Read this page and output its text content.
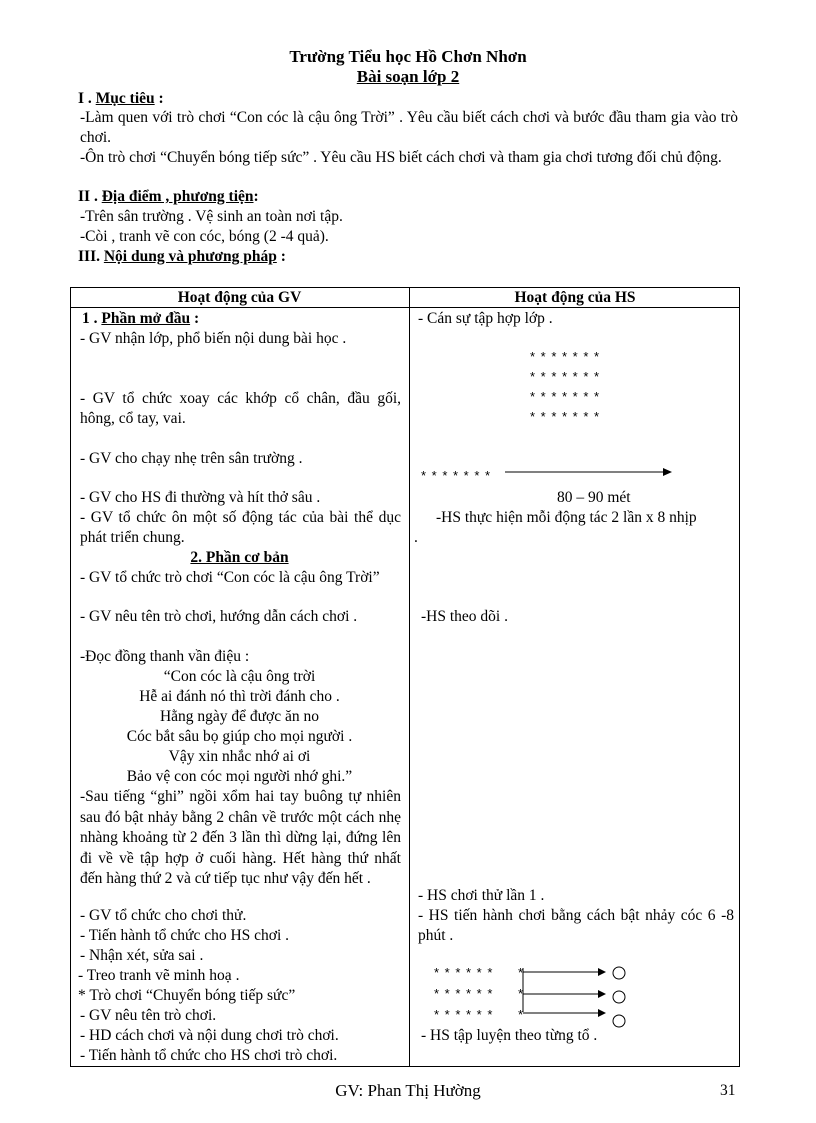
Trường Tiểu học Hồ Chơn Nhơn
Bài soạn lớp 2
I . Mục tiêu :
-Làm quen với trò chơi “Con cóc là cậu ông Trời” . Yêu cầu biết cách chơi và bước đầu tham gia vào trò chơi.
-Ôn trò chơi “Chuyển bóng tiếp sức” . Yêu cầu HS biết cách chơi và tham gia chơi tương đối chủ động.
II . Địa điểm , phương tiện:
-Trên sân trường . Vệ sinh an toàn nơi tập.
-Còi , tranh vẽ con cóc, bóng (2 -4 quả).
III. Nội dung và phương pháp :
Hoạt động của GV	Hoạt động của HS
1 . Phần mở đầu :
- GV nhận lớp, phổ biến nội dung bài học .
- GV tổ chức xoay các khớp cổ chân, đầu gối, hông, cổ tay, vai.
- GV cho chạy nhẹ trên sân trường .
- GV cho HS đi thường và hít thở sâu .
- GV tổ chức ôn một số động tác của bài thể dục phát triển chung.
2. Phần cơ bản
- GV tổ chức trò chơi “Con cóc là cậu ông Trời”
- GV nêu tên trò chơi, hướng dẫn cách chơi .
-Đọc đồng thanh vần điệu :
“Con cóc là cậu ông trời
Hễ ai đánh nó thì trời đánh cho .
Hằng ngày để được ăn no
Cóc bắt sâu bọ giúp cho mọi người .
Vậy xin nhắc nhớ ai ơi
Bảo vệ con cóc mọi người nhớ ghi.”
-Sau tiếng “ghi” ngồi xổm hai tay buông tự nhiên sau đó bật nhảy bằng 2 chân về trước một cách nhẹ nhàng khoảng từ 2 đến 3 lần thì dừng lại, đứng lên đi về về tập hợp ở cuối hàng. Hết hàng thứ nhất đến hàng thứ 2 và cứ tiếp tục như vậy đến hết .
- GV tổ chức cho chơi thử.
- Tiến hành tổ chức cho HS chơi .
- Nhận xét, sửa sai .
- Treo tranh vẽ minh hoạ .
* Trò chơi “Chuyển bóng tiếp sức”
- GV nêu tên trò chơi.
- HD cách chơi và nội dung chơi trò chơi.
- Tiến hành tổ chức cho HS chơi trò chơi.
- Cán sự tập hợp lớp .
* * * * * * *
* * * * * * *
* * * * * * *
* * * * * * *
* * * * * * *
80 – 90 mét
-HS thực hiện mỗi động tác 2 lần x 8 nhịp
.
-HS theo dõi .
- HS chơi thử lần 1 .
- HS tiến hành chơi bằng cách bật nhảy cóc 6 -8 phút .
* * * * * *
* * * * * *
* * * * * *
*
*
*
- HS tập luyện theo từng tổ .
GV: Phan Thị Hường	31
